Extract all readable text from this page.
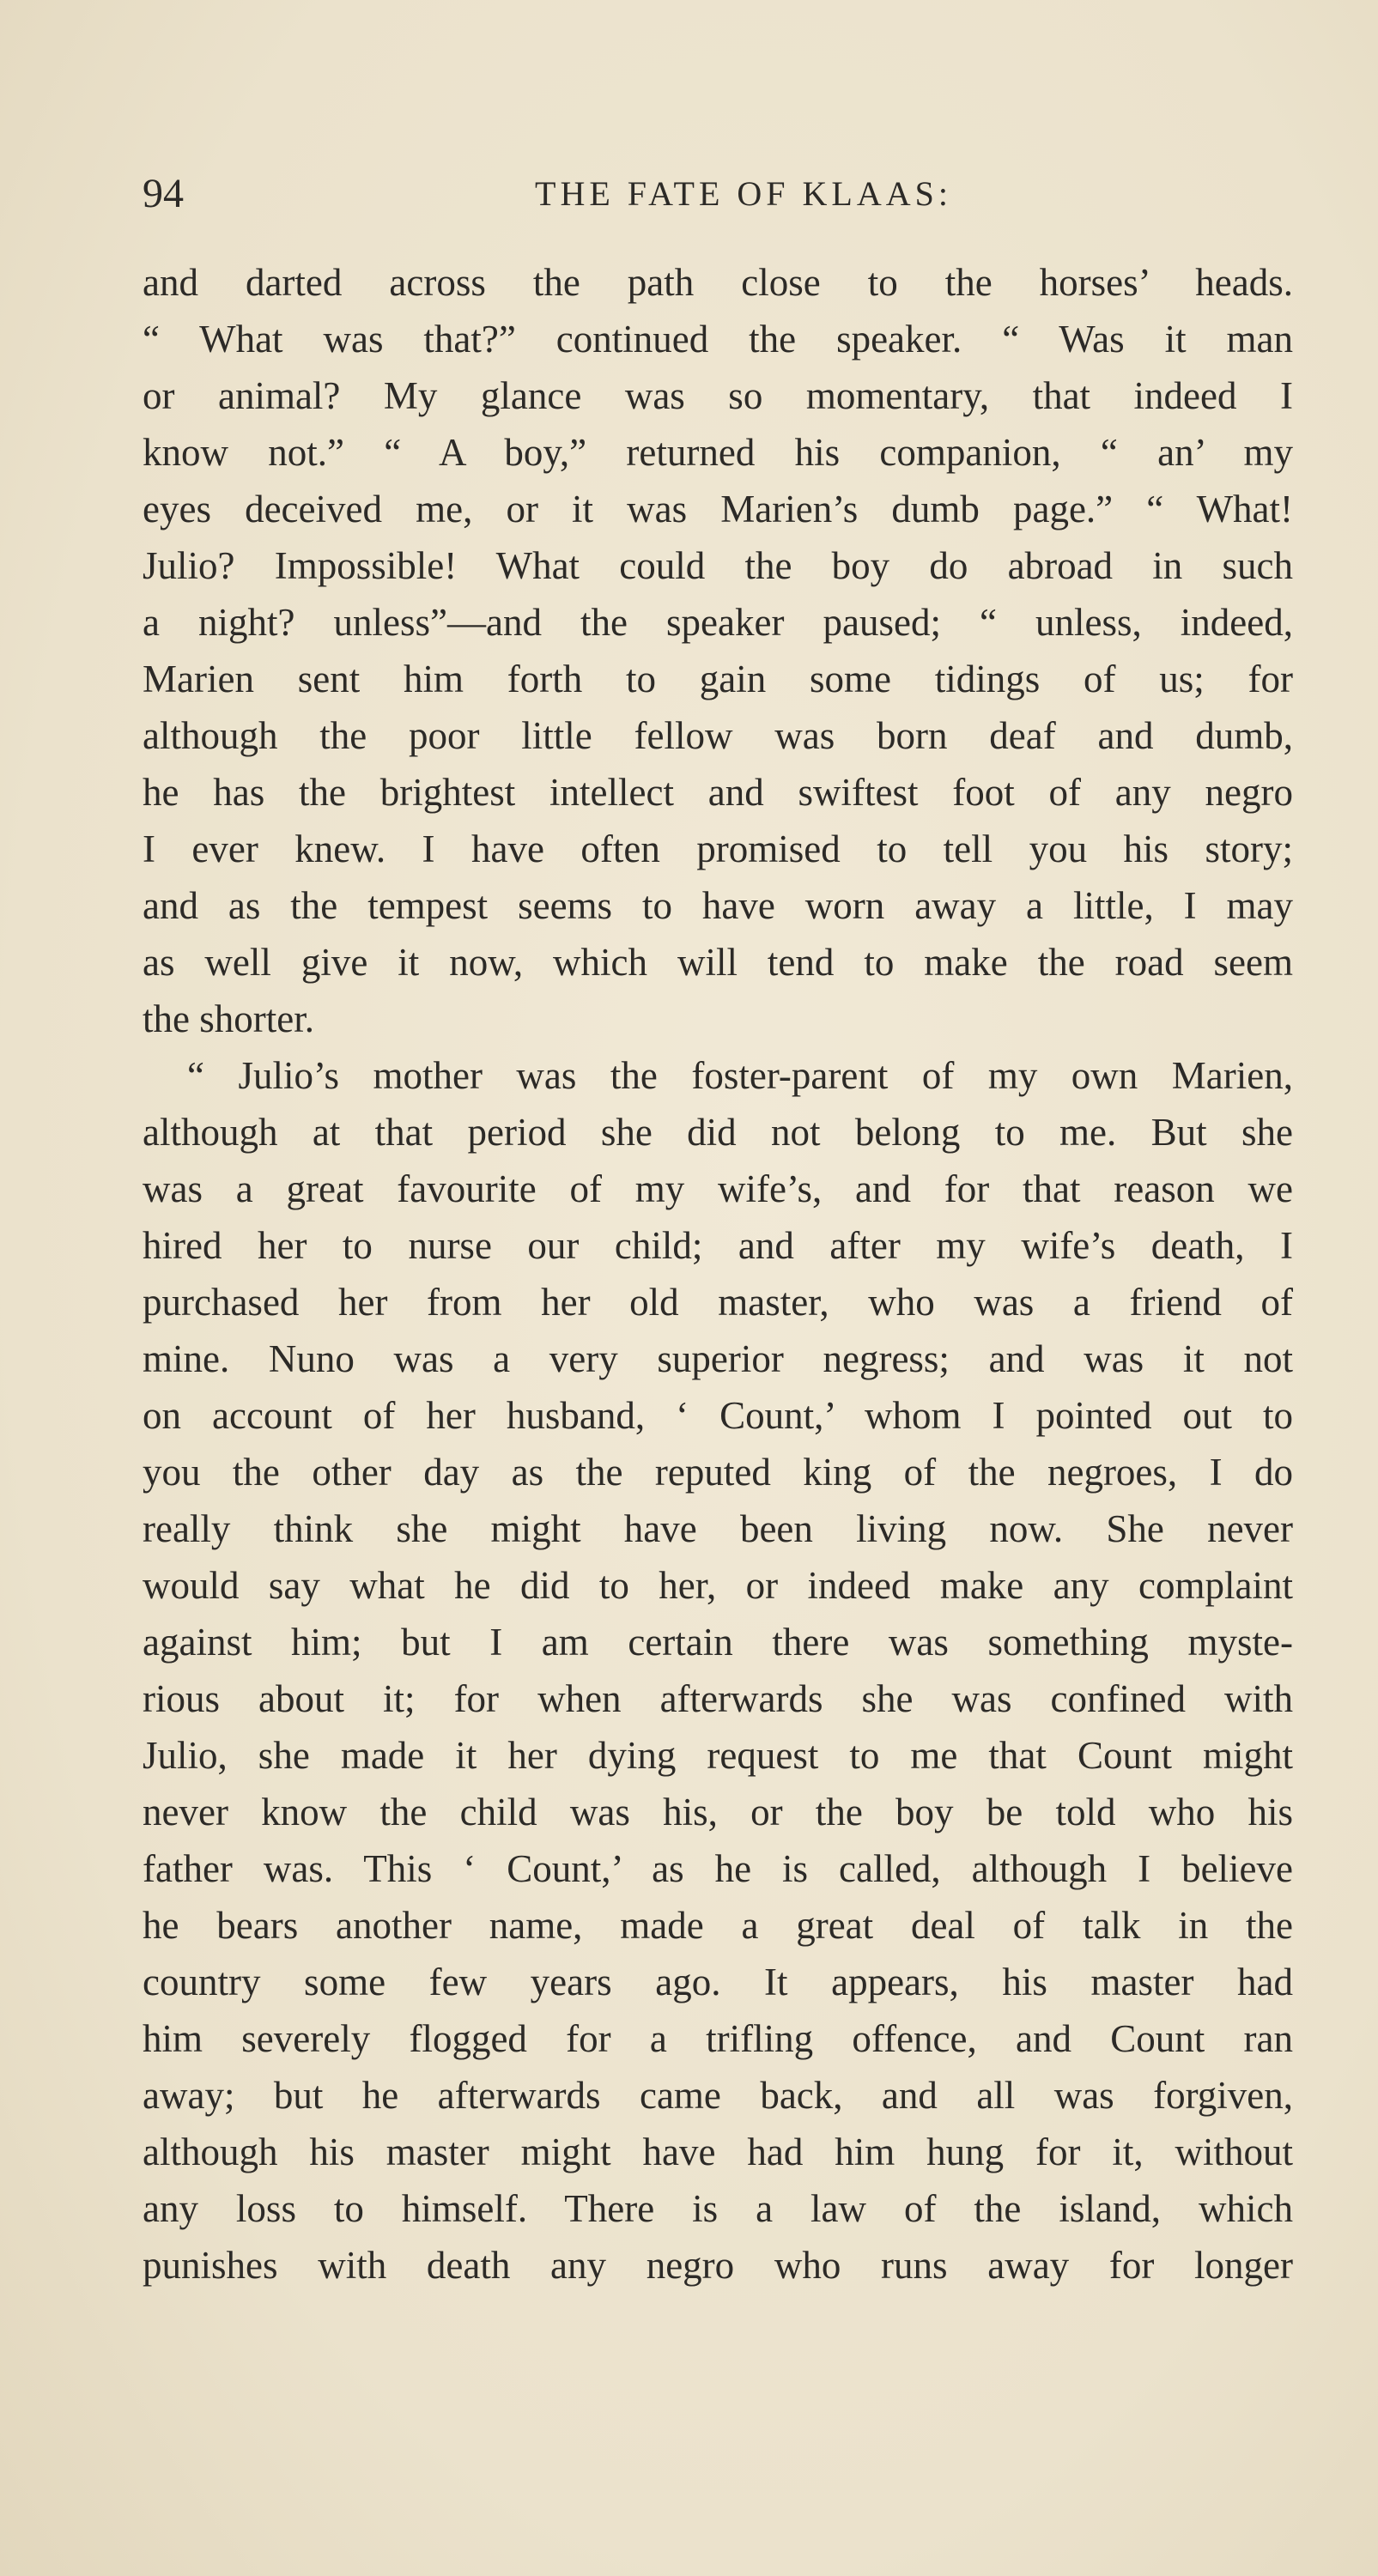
94	THE FATE OF KLAAS:
and darted across the path close to the horses’ heads.
“ What was that?” continued the speaker. “ Was it man
or animal? My glance was so momentary, that indeed I
know not.” “ A boy,” returned his companion, “ an’ my
eyes deceived me, or it was Marien’s dumb page.” “ What!
Julio? Impossible! What could the boy do abroad in such
a night? unless”—and the speaker paused; “ unless, indeed,
Marien sent him forth to gain some tidings of us; for
although the poor little fellow was born deaf and dumb,
he has the brightest intellect and swiftest foot of any negro
I ever knew. I have often promised to tell you his story;
and as the tempest seems to have worn away a little, I may
as well give it now, which will tend to make the road seem
the shorter.
“ Julio’s mother was the foster-parent of my own Marien,
although at that period she did not belong to me. But she
was a great favourite of my wife’s, and for that reason we
hired her to nurse our child; and after my wife’s death, I
purchased her from her old master, who was a friend of
mine. Nuno was a very superior negress; and was it not
on account of her husband, ‘ Count,’ whom I pointed out to
you the other day as the reputed king of the negroes, I do
really think she might have been living now. She never
would say what he did to her, or indeed make any complaint
against him; but I am certain there was something myste-
rious about it; for when afterwards she was confined with
Julio, she made it her dying request to me that Count might
never know the child was his, or the boy be told who his
father was. This ‘ Count,’ as he is called, although I believe
he bears another name, made a great deal of talk in the
country some few years ago. It appears, his master had
him severely flogged for a trifling offence, and Count ran
away; but he afterwards came back, and all was forgiven,
although his master might have had him hung for it, without
any loss to himself. There is a law of the island, which
punishes with death any negro who runs away for longer
